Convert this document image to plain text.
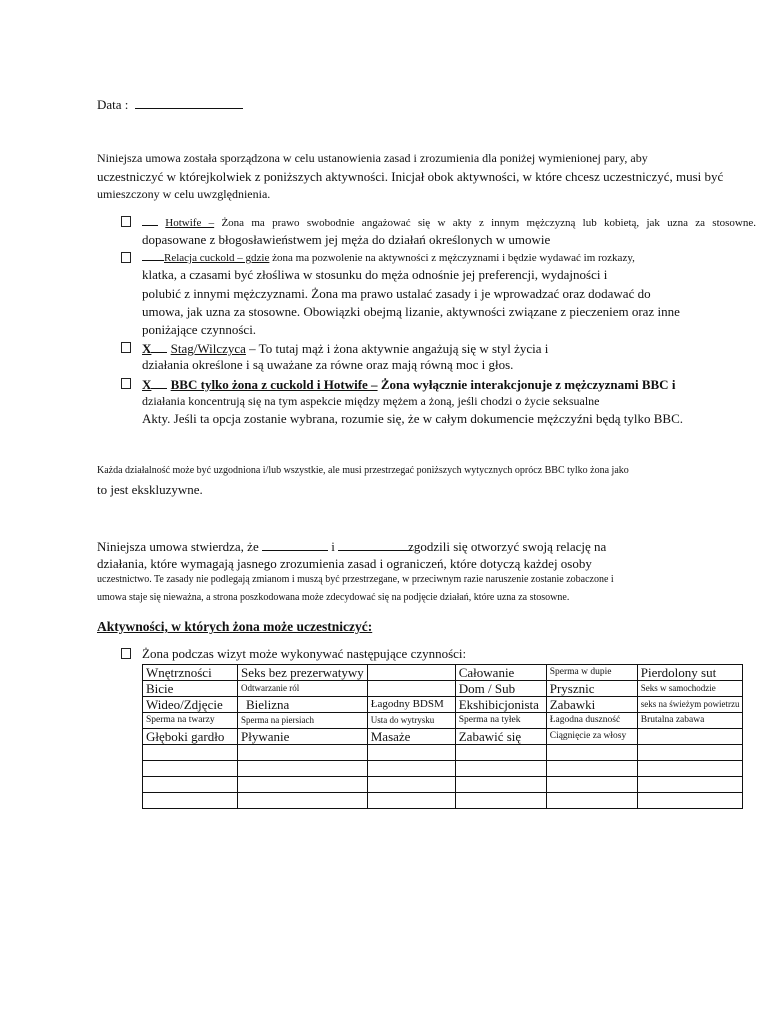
Data :
Niniejsza umowa została sporządzona w celu ustanowienia zasad i zrozumienia dla poniżej wymienionej pary, aby
uczestniczyć w którejkolwiek z poniższych aktywności. Inicjał obok aktywności, w które chcesz uczestniczyć, musi być
umieszczony w celu uwzględnienia.
Hotwife – Żona ma prawo swobodnie angażować się w akty z innym mężczyzną lub kobietą, jak uzna za stosowne.
dopasowane z błogosławieństwem jej męża do działań określonych w umowie
Relacja cuckold – gdzie żona ma pozwolenie na aktywności z mężczyznami i będzie wydawać im rozkazy,
klatka, a czasami być złośliwa w stosunku do męża odnośnie jej preferencji, wydajności i
polubić z innymi mężczyznami. Żona ma prawo ustalać zasady i je wprowadzać oraz dodawać do
umowa, jak uzna za stosowne. Obowiązki obejmą lizanie, aktywności związane z pieczeniem oraz inne
poniżające czynności.
X Stag/Wilczyca – To tutaj mąż i żona aktywnie angażują się w styl życia i
działania określone i są uważane za równe oraz mają równą moc i głos.
X BBC tylko żona z cuckold i Hotwife – Żona wyłącznie interakcjonuje z mężczyznami BBC i
działania koncentrują się na tym aspekcie między mężem a żoną, jeśli chodzi o życie seksualne
Akty. Jeśli ta opcja zostanie wybrana, rozumie się, że w całym dokumencie mężczyźni będą tylko BBC.
Każda działalność może być uzgodniona i/lub wszystkie, ale musi przestrzegać poniższych wytycznych oprócz BBC tylko żona jako
to jest ekskluzywne.
Niniejsza umowa stwierdza, że	i	zgodzili się otworzyć swoją relację na
działania, które wymagają jasnego zrozumienia zasad i ograniczeń, które dotyczą każdej osoby
uczestnictwo. Te zasady nie podlegają zmianom i muszą być przestrzegane, w przeciwnym razie naruszenie zostanie zobaczone i
umowa staje się nieważna, a strona poszkodowana może zdecydować się na podjęcie działań, które uzna za stosowne.
Aktywności, w których żona może uczestniczyć:
Żona podczas wizyt może wykonywać następujące czynności:
Wnętrzności	Seks bez prezerwatywy		Całowanie	Sperma w dupie	Pierdolony sut
Bicie	Odtwarzanie ról		Dom / Sub	Prysznic	Seks w samochodzie
Wideo/Zdjęcie	Bielizna	Łagodny BDSM	Ekshibicjonista	Zabawki	seks na świeżym powietrzu
Sperma na twarzy	Sperma na piersiach	Usta do wytrysku	Sperma na tyłek	Łagodna duszność	Brutalna zabawa
Głęboki gardło	Pływanie	Masaże	Zabawić się	Ciągnięcie za włosy	
